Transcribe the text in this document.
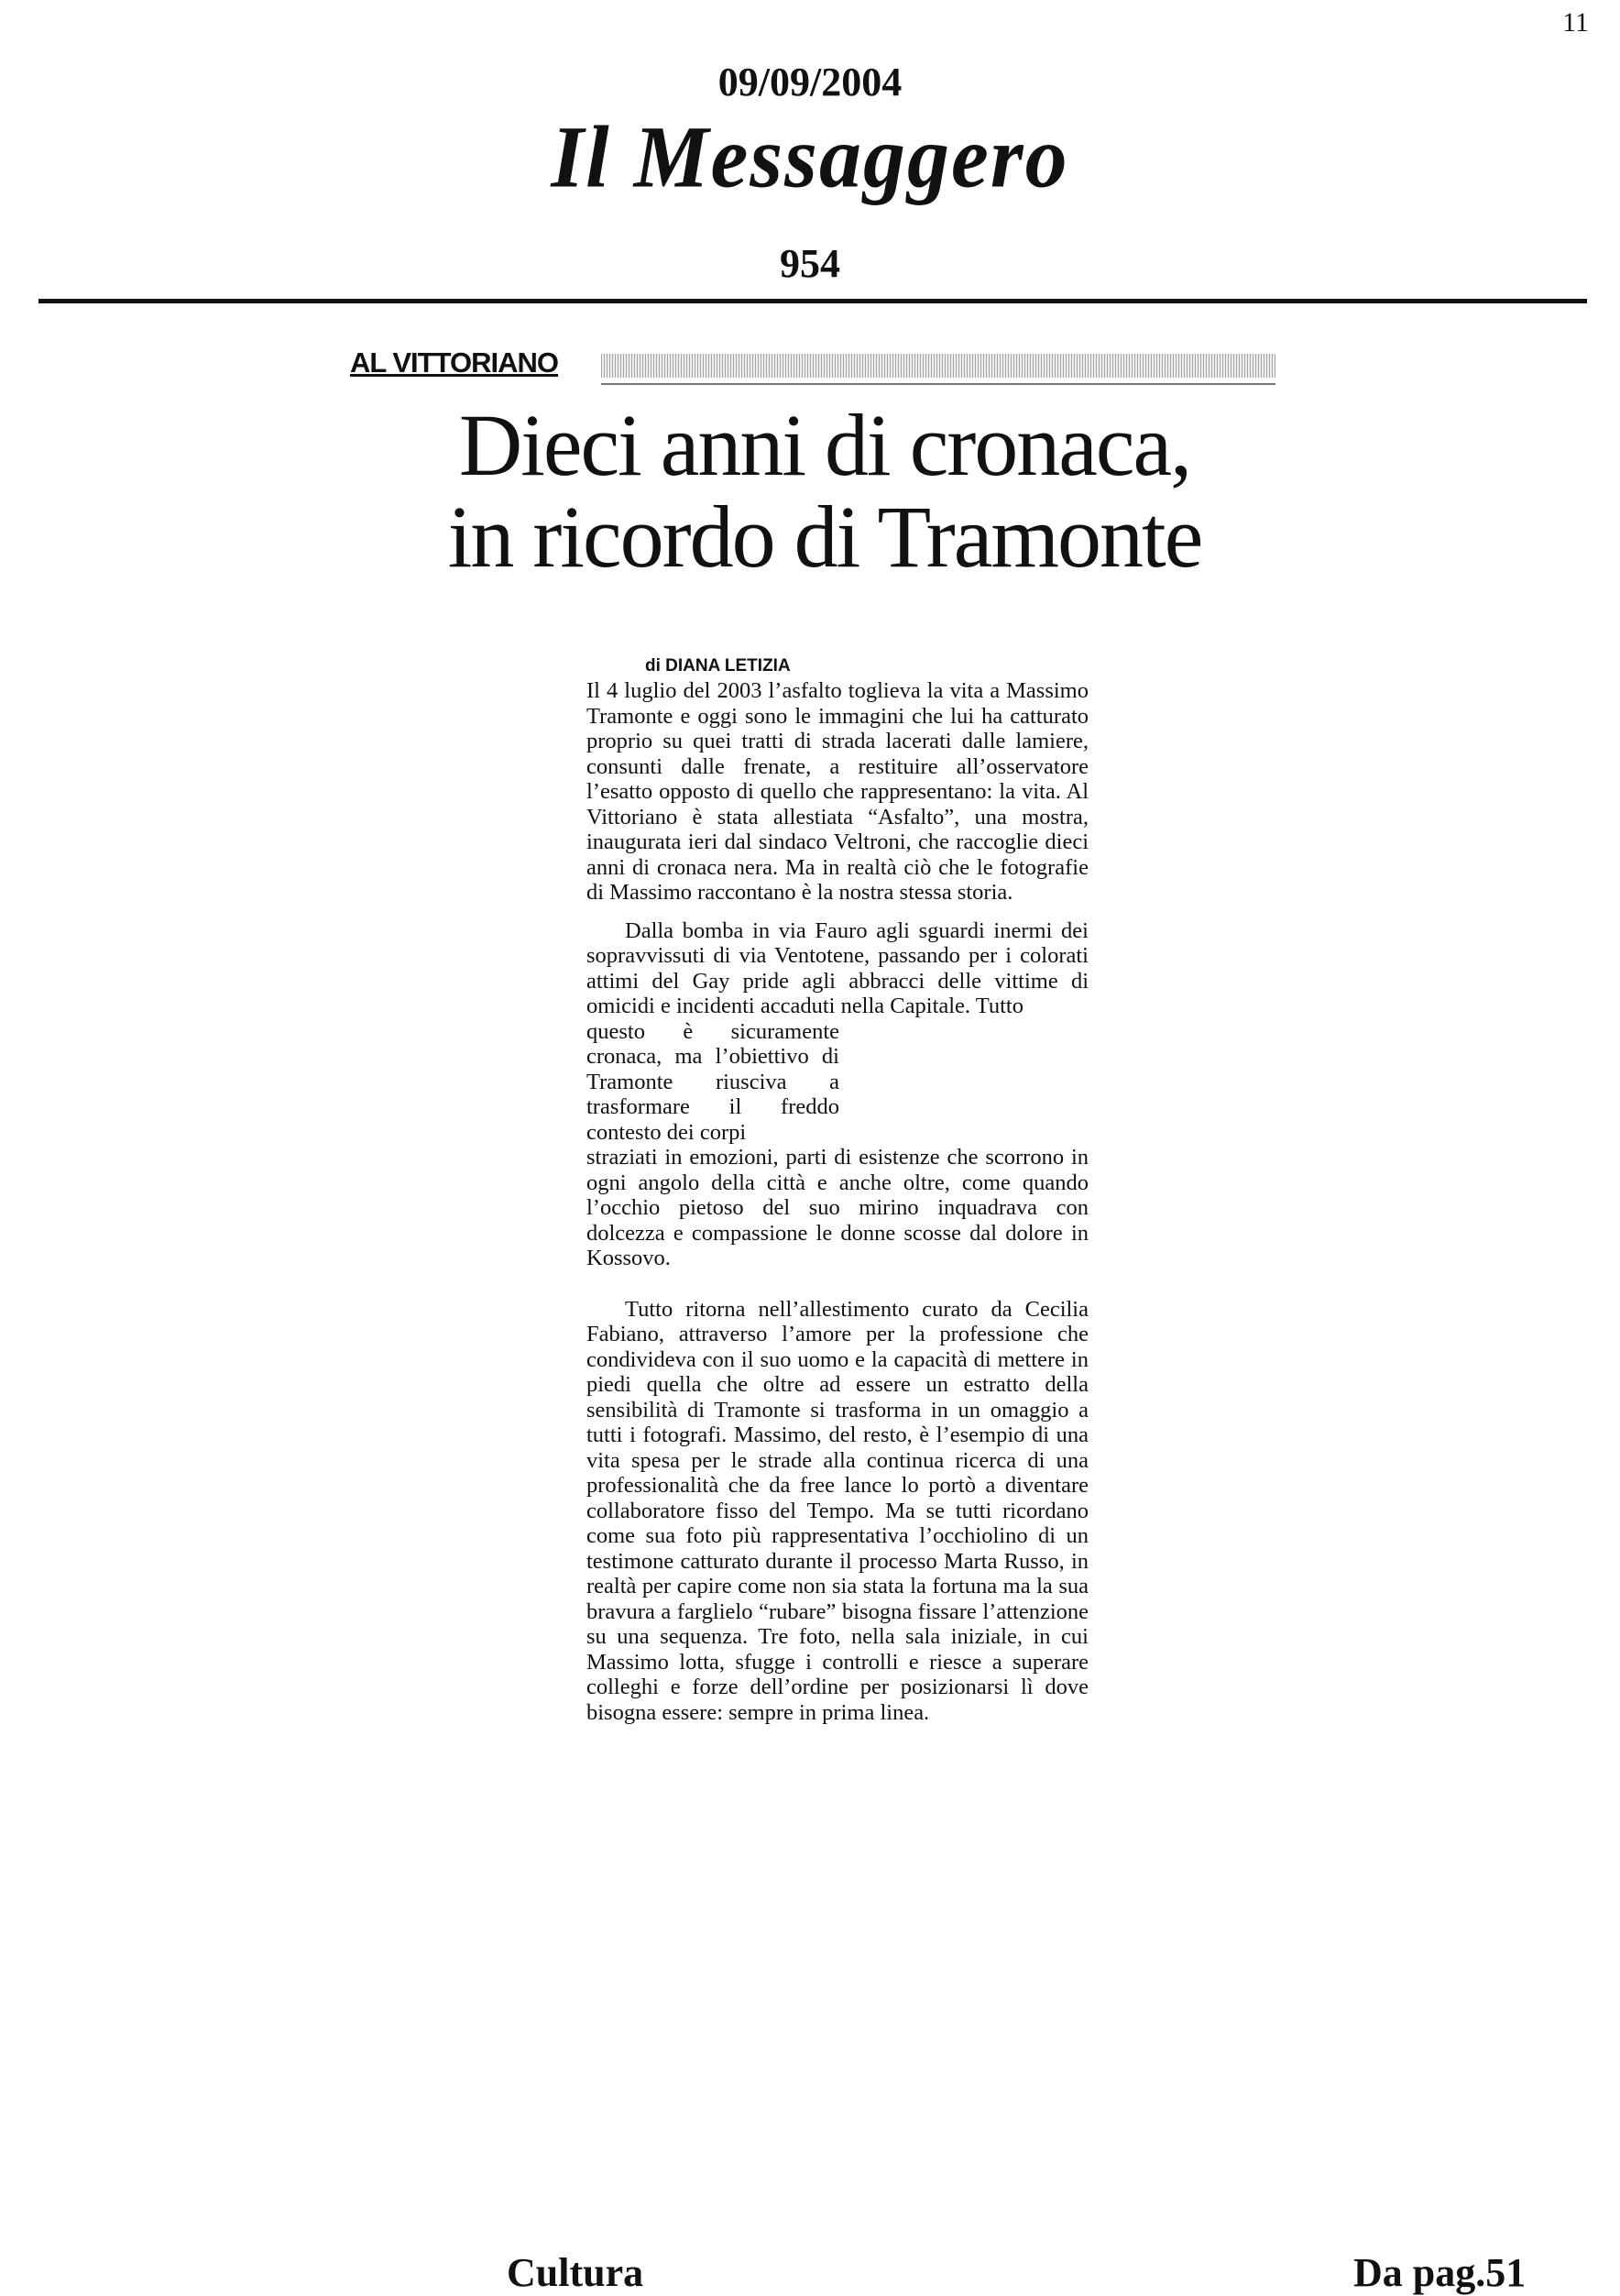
11
09/09/2004
Il Messaggero
954
AL VITTORIANO
Dieci anni di cronaca,
in ricordo di Tramonte
di DIANA LETIZIA

Il 4 luglio del 2003 l’asfalto toglieva la vita a Massimo Tramonte e oggi sono le immagini che lui ha catturato proprio su quei tratti di strada lacerati dalle lamiere, consunti dalle frenate, a restituire all’osservatore l’esatto opposto di quello che rappresentano: la vita. Al Vittoriano è stata allestiata “Asfalto”, una mostra, inaugurata ieri dal sindaco Veltroni, che raccoglie dieci anni di cronaca nera. Ma in realtà ciò che le fotografie di Massimo raccontano è la nostra stessa storia.

Dalla bomba in via Fauro agli sguardi inermi dei sopravvissuti di via Ventotene, passando per i colorati attimi del Gay pride agli abbracci delle vittime di omicidi e incidenti accaduti nella Capitale. Tutto

questo è sicuramente cronaca, ma l’obiettivo di Tramonte riusciva a trasformare il freddo contesto dei corpi

straziati in emozioni, parti di esistenze che scorrono in ogni angolo della città e anche oltre, come quando l’occhio pietoso del suo mirino inquadrava con dolcezza e compassione le donne scosse dal dolore in Kossovo.

Tutto ritorna nell’allestimento curato da Cecilia Fabiano, attraverso l’amore per la professione che condivideva con il suo uomo e la capacità di mettere in piedi quella che oltre ad essere un estratto della sensibilità di Tramonte si trasforma in un omaggio a tutti i fotografi. Massimo, del resto, è l’esempio di una vita spesa per le strade alla continua ricerca di una professionalità che da free lance lo portò a diventare collaboratore fisso del Tempo. Ma se tutti ricordano come sua foto più rappresentativa l’occhiolino di un testimone catturato durante il processo Marta Russo, in realtà per capire come non sia stata la fortuna ma la sua bravura a farglielo “rubare” bisogna fissare l’attenzione su una sequenza. Tre foto, nella sala iniziale, in cui Massimo lotta, sfugge i controlli e riesce a superare colleghi e forze dell’ordine per posizionarsi lì dove bisogna essere: sempre in prima linea.

Cultura	Da pag.51
